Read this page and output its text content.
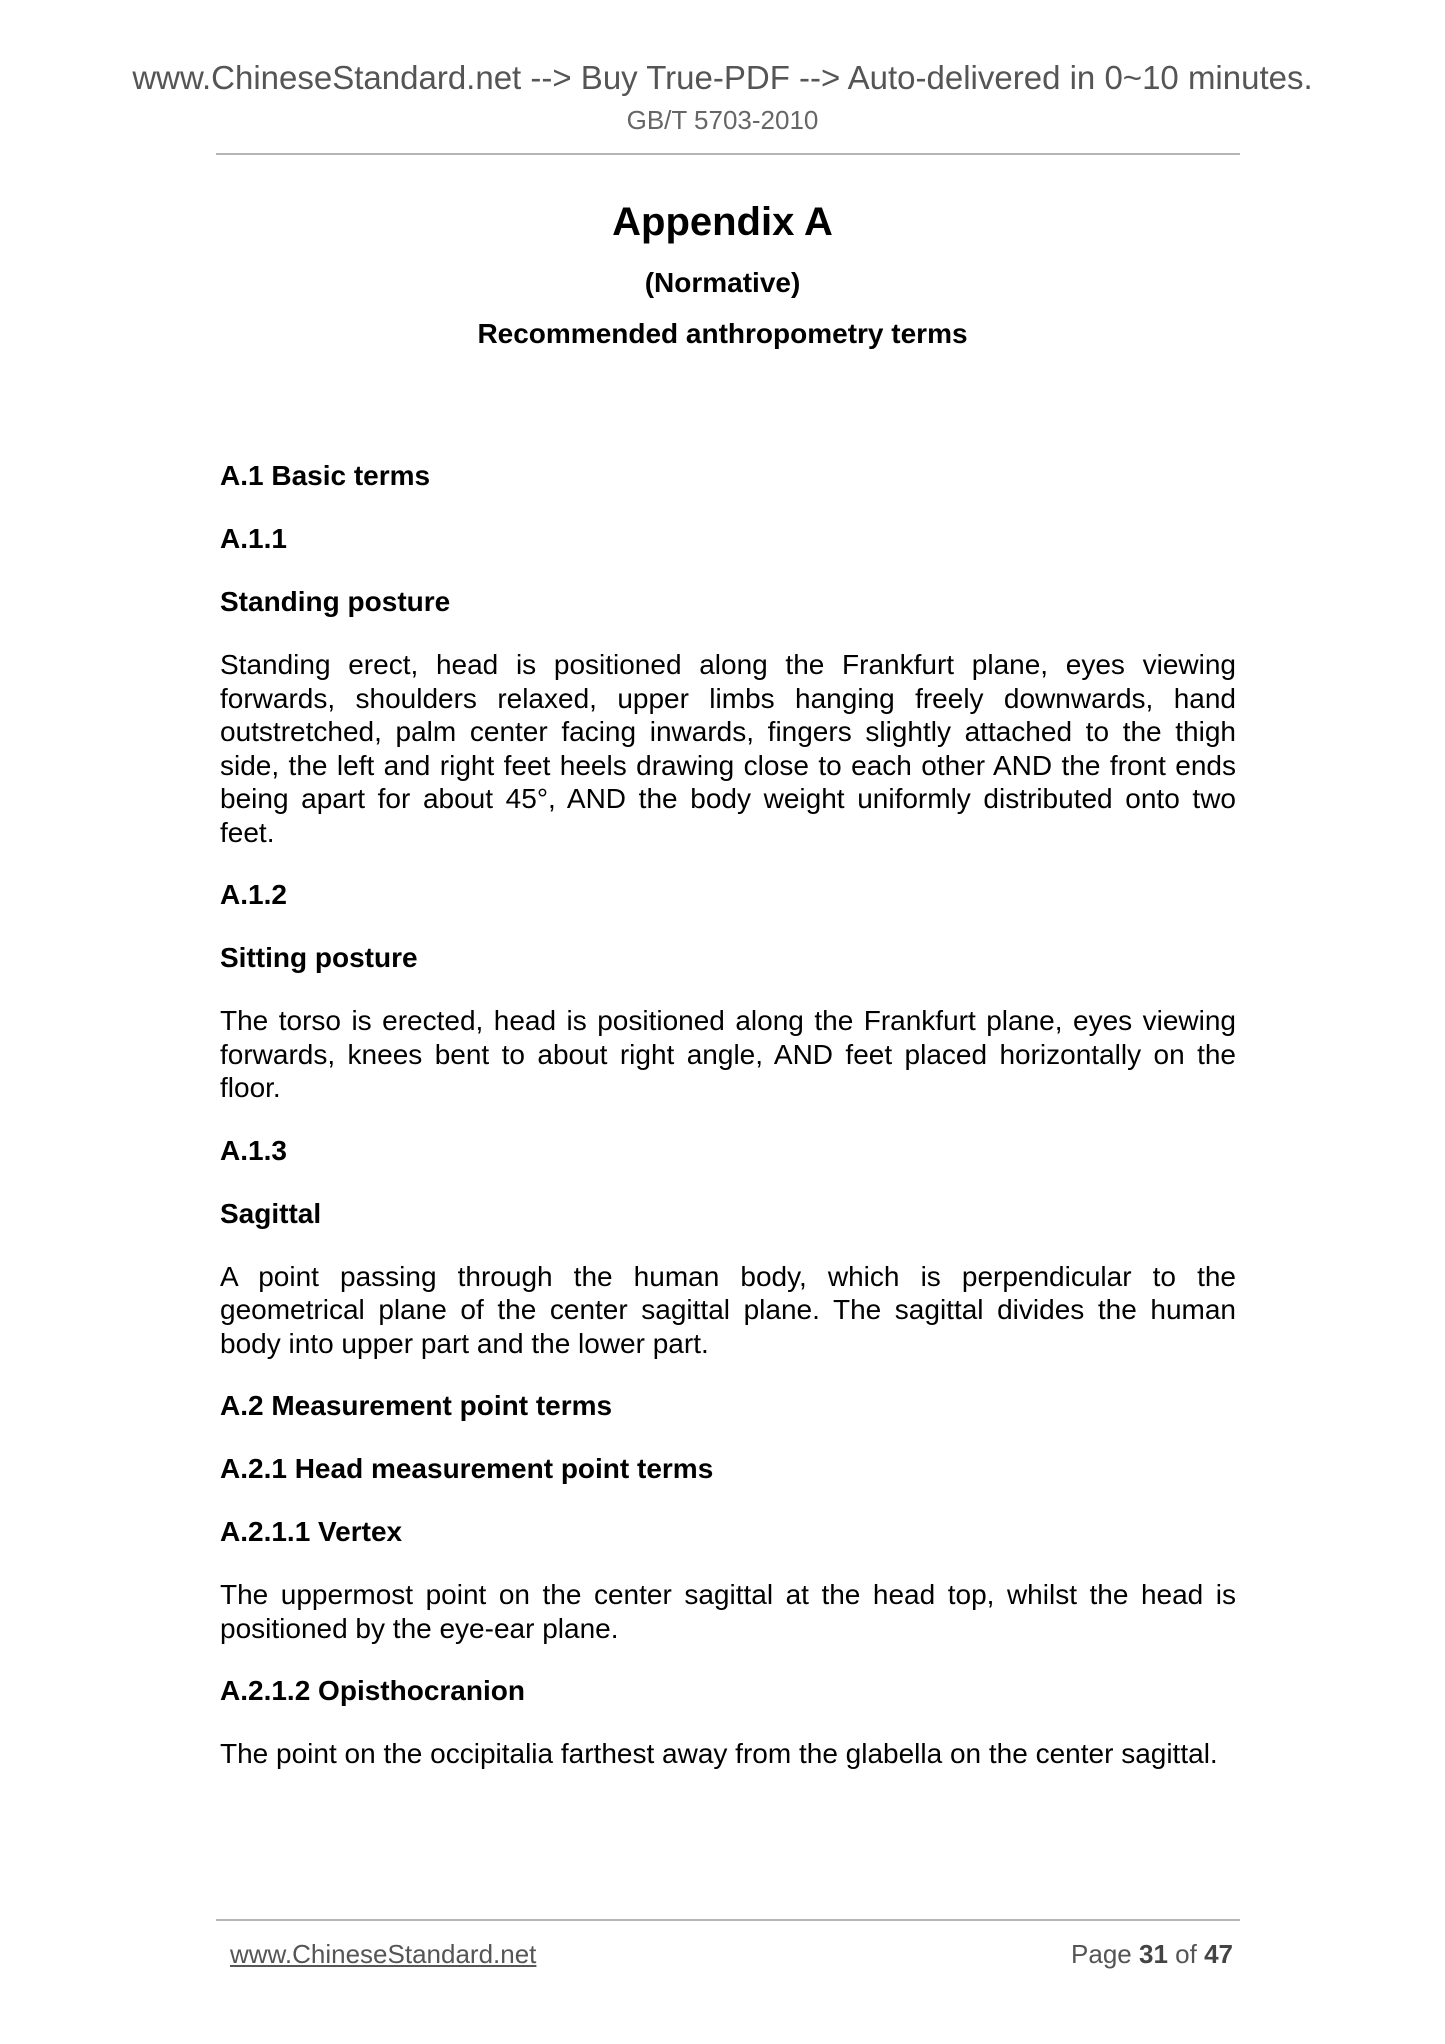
www.ChineseStandard.net --> Buy True-PDF --> Auto-delivered in 0~10 minutes.
GB/T 5703-2010
Appendix A
(Normative)
Recommended anthropometry terms
A.1 Basic terms
A.1.1
Standing posture
Standing erect, head is positioned along the Frankfurt plane, eyes viewing forwards, shoulders relaxed, upper limbs hanging freely downwards, hand outstretched, palm center facing inwards, fingers slightly attached to the thigh side, the left and right feet heels drawing close to each other AND the front ends being apart for about 45°, AND the body weight uniformly distributed onto two feet.
A.1.2
Sitting posture
The torso is erected, head is positioned along the Frankfurt plane, eyes viewing forwards, knees bent to about right angle, AND feet placed horizontally on the floor.
A.1.3
Sagittal
A point passing through the human body, which is perpendicular to the geometrical plane of the center sagittal plane. The sagittal divides the human body into upper part and the lower part.
A.2 Measurement point terms
A.2.1 Head measurement point terms
A.2.1.1 Vertex
The uppermost point on the center sagittal at the head top, whilst the head is positioned by the eye-ear plane.
A.2.1.2 Opisthocranion
The point on the occipitalia farthest away from the glabella on the center sagittal.
www.ChineseStandard.net	Page 31 of 47
